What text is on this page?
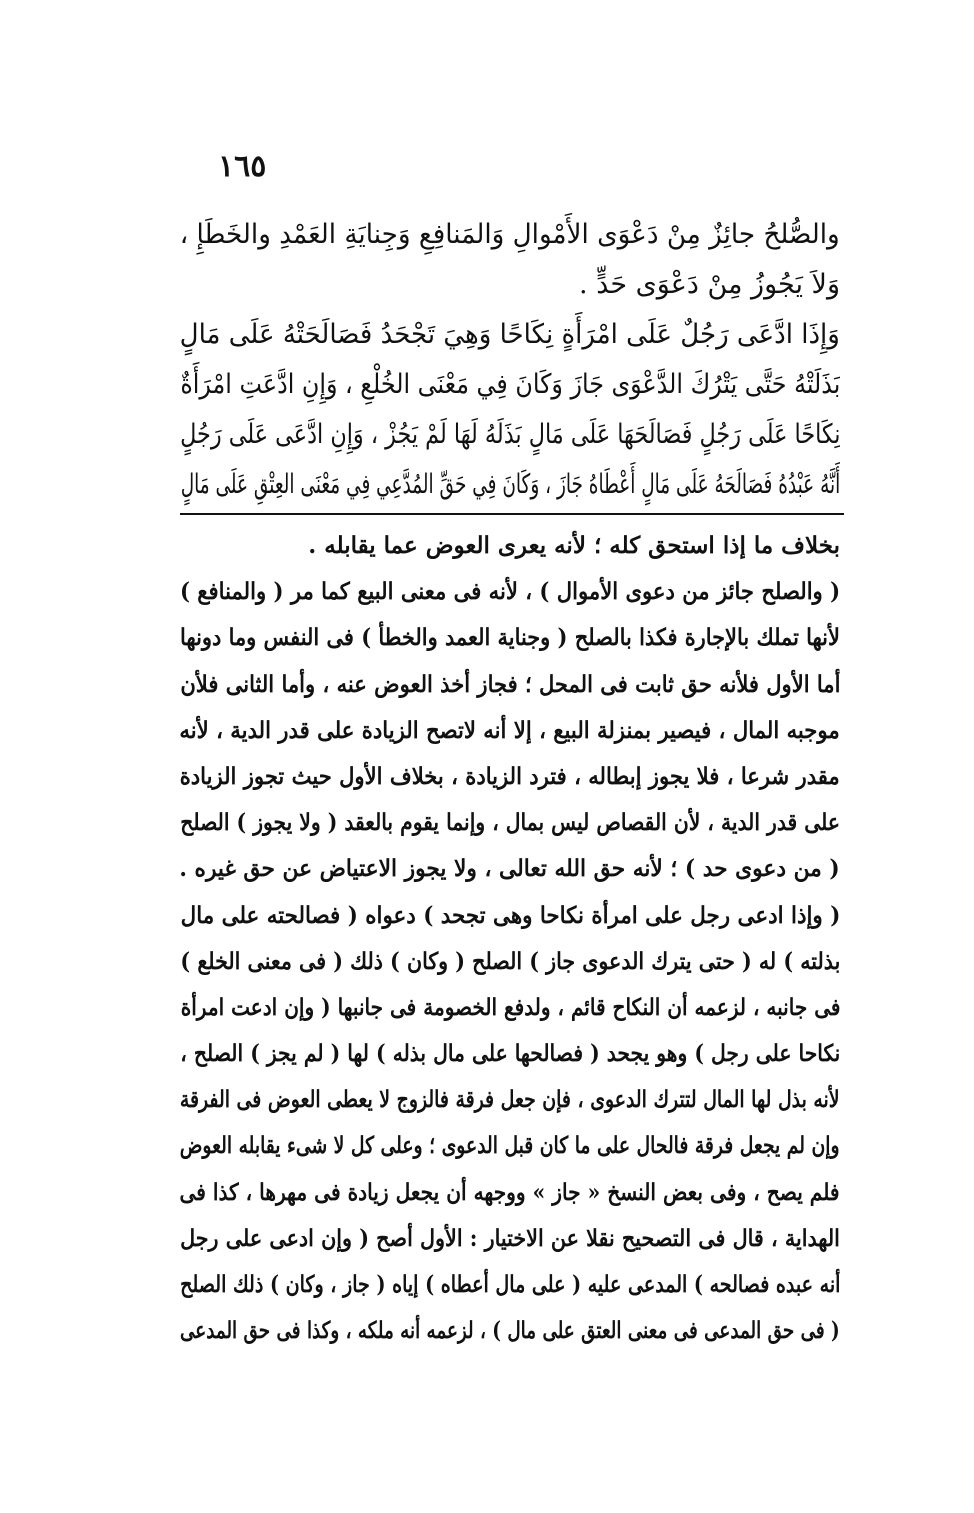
١٦٥
والصُّلحُ جائِزٌ مِنْ دَعْوَى الأَمْوالِ وَالمَنافِعِ وَجِنايَةِ العَمْدِ والخَطَإِ ،
وَلاَ يَجُوزُ مِنْ دَعْوَى حَدٍّ .
وَإِذَا ادَّعَى رَجُلٌ عَلَى امْرَأَةٍ نِكَاحًا وَهِيَ تَجْحَدُ فَصَالَحَتْهُ عَلَى مَالٍ
بَذَلَتْهُ حَتَّى يَتْرُكَ الدَّعْوَى جَازَ وَكَانَ فِي مَعْنَى الخُلْعِ ، وَإِنِ ادَّعَتِ امْرَأَةٌ
نِكَاحًا عَلَى رَجُلٍ فَصَالَحَهَا عَلَى مَالٍ بَذَلَهُ لَهَا لَمْ يَجُزْ ، وَإِنِ ادَّعَى عَلَى رَجُلٍ
أَنَّهُ عَبْدُهُ فَصَالَحَهُ عَلَى مَالٍ أَعْطَاهُ جَازَ ، وَكَانَ فِي حَقِّ المُدَّعِي فِي مَعْنَى العِتْقِ عَلَى مَالٍ
بخلاف ما إذا استحق كله ؛ لأنه يعرى العوض عما يقابله .
( والصلح جائز من دعوى الأموال ) ، لأنه فى معنى البيع كما مر ( والمنافع )
لأنها تملك بالإجارة فكذا بالصلح ( وجناية العمد والخطأ ) فى النفس وما دونها
أما الأول فلأنه حق ثابت فى المحل ؛ فجاز أخذ العوض عنه ، وأما الثانى فلأن
موجبه المال ، فيصير بمنزلة البيع ، إلا أنه لاتصح الزيادة على قدر الدية ، لأنه
مقدر شرعا ، فلا يجوز إبطاله ، فترد الزيادة ، بخلاف الأول حيث تجوز الزيادة
على قدر الدية ، لأن القصاص ليس بمال ، وإنما يقوم بالعقد ( ولا يجوز ) الصلح
( من دعوى حد ) ؛ لأنه حق الله تعالى ، ولا يجوز الاعتياض عن حق غيره .
( وإذا ادعى رجل على امرأة نكاحا وهى تجحد ) دعواه ( فصالحته على مال
بذلته ) له ( حتى يترك الدعوى جاز ) الصلح ( وكان ) ذلك ( فى معنى الخلع )
فى جانبه ، لزعمه أن النكاح قائم ، ولدفع الخصومة فى جانبها ( وإن ادعت امرأة
نكاحا على رجل ) وهو يجحد ( فصالحها على مال بذله ) لها ( لم يجز ) الصلح ،
لأنه بذل لها المال لتترك الدعوى ، فإن جعل فرقة فالزوج لا يعطى العوض فى الفرقة
وإن لم يجعل فرقة فالحال على ما كان قبل الدعوى ؛ وعلى كل لا شىء يقابله العوض
فلم يصح ، وفى بعض النسخ « جاز » ووجهه أن يجعل زيادة فى مهرها ، كذا فى
الهداية ، قال فى التصحيح نقلا عن الاختيار : الأول أصح ( وإن ادعى على رجل
أنه عبده فصالحه ) المدعى عليه ( على مال أعطاه ) إياه ( جاز ، وكان ) ذلك الصلح
( فى حق المدعى فى معنى العتق على مال ) ، لزعمه أنه ملكه ، وكذا فى حق المدعى
